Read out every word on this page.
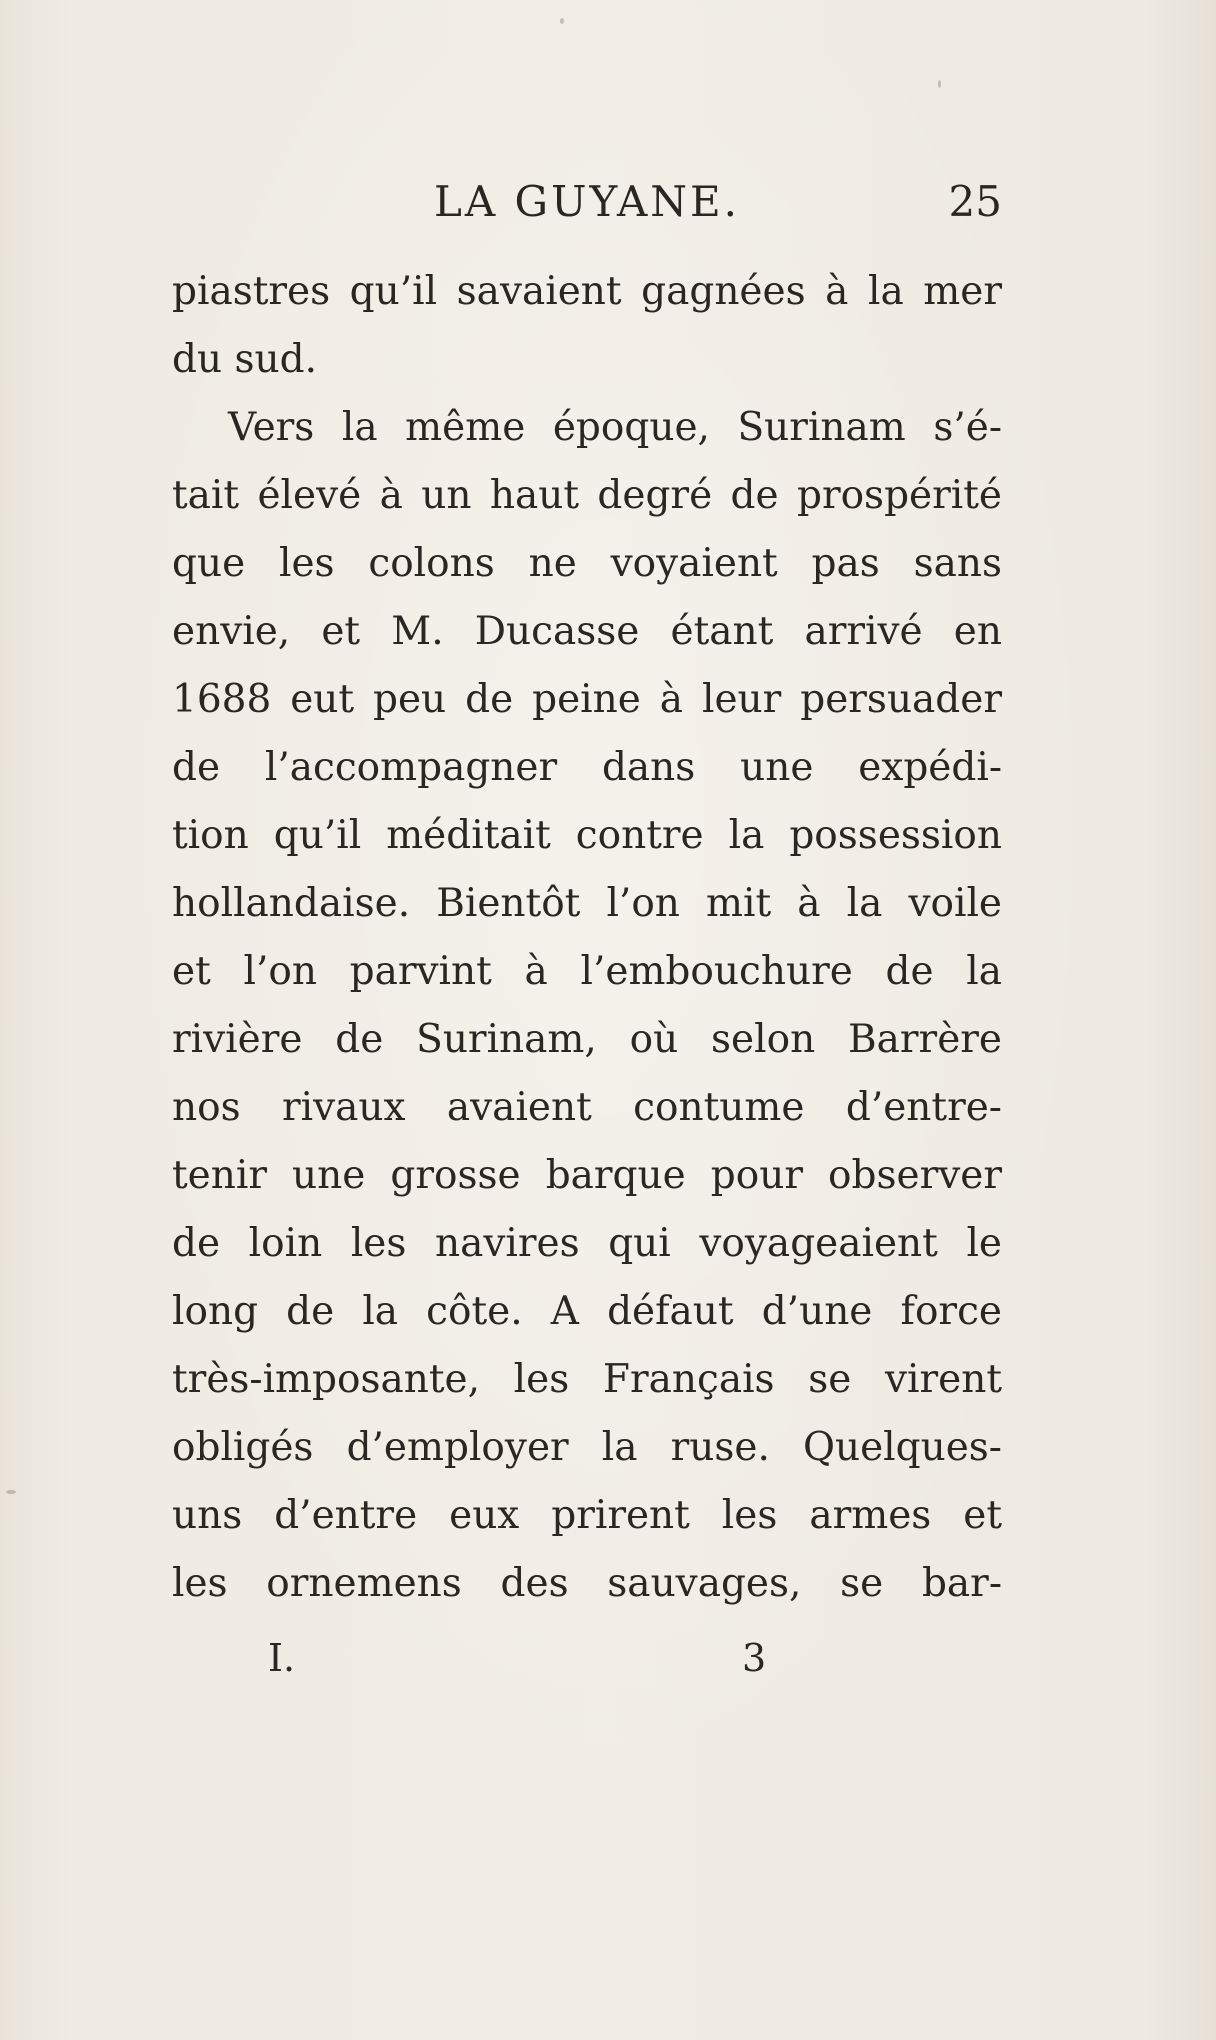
LA GUYANE.	25
piastres qu’il savaient gagnées à la mer
du sud.
Vers la même époque, Surinam s’é-
tait élevé à un haut degré de prospérité
que les colons ne voyaient pas sans
envie, et M. Ducasse étant arrivé en
1688 eut peu de peine à leur persuader
de l’accompagner dans une expédi-
tion qu’il méditait contre la possession
hollandaise. Bientôt l’on mit à la voile
et l’on parvint à l’embouchure de la
rivière de Surinam, où selon Barrère
nos rivaux avaient contume d’entre-
tenir une grosse barque pour observer
de loin les navires qui voyageaient le
long de la côte. A défaut d’une force
très-imposante, les Français se virent
obligés d’employer la ruse. Quelques-
uns d’entre eux prirent les armes et
les ornemens des sauvages, se bar-
I.	3
